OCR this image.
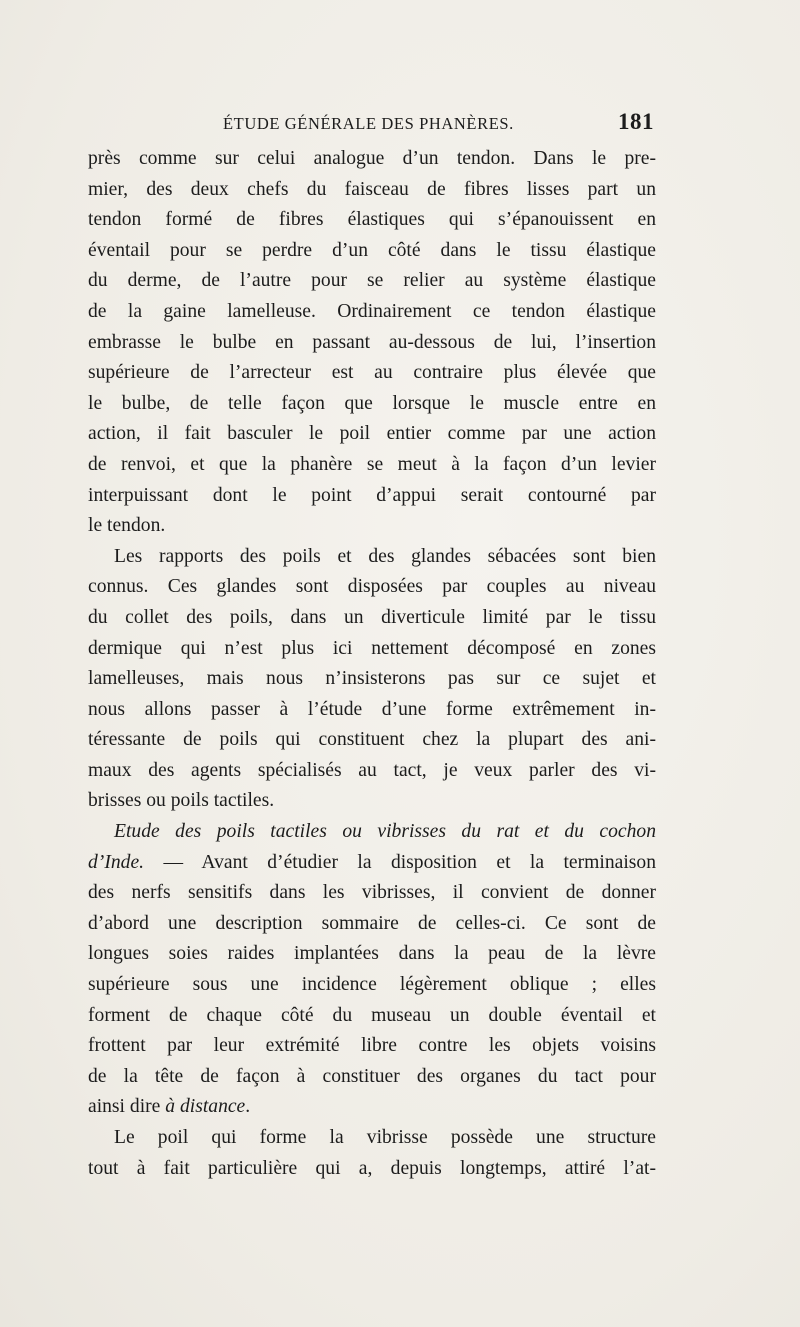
ÉTUDE GÉNÉRALE DES PHANÈRES.	181

près comme sur celui analogue d’un tendon. Dans le pre-
mier, des deux chefs du faisceau de fibres lisses part un
tendon formé de fibres élastiques qui s’épanouissent en
éventail pour se perdre d’un côté dans le tissu élastique
du derme, de l’autre pour se relier au système élastique
de la gaine lamelleuse. Ordinairement ce tendon élastique
embrasse le bulbe en passant au-dessous de lui, l’insertion
supérieure de l’arrecteur est au contraire plus élevée que
le bulbe, de telle façon que lorsque le muscle entre en
action, il fait basculer le poil entier comme par une action
de renvoi, et que la phanère se meut à la façon d’un levier
interpuissant dont le point d’appui serait contourné par
le tendon.

Les rapports des poils et des glandes sébacées sont bien
connus. Ces glandes sont disposées par couples au niveau
du collet des poils, dans un diverticule limité par le tissu
dermique qui n’est plus ici nettement décomposé en zones
lamelleuses, mais nous n’insisterons pas sur ce sujet et
nous allons passer à l’étude d’une forme extrêmement in-
téressante de poils qui constituent chez la plupart des ani-
maux des agents spécialisés au tact, je veux parler des vi-
brisses ou poils tactiles.

Etude des poils tactiles ou vibrisses du rat et du cochon
d’Inde. — Avant d’étudier la disposition et la terminaison
des nerfs sensitifs dans les vibrisses, il convient de donner
d’abord une description sommaire de celles-ci. Ce sont de
longues soies raides implantées dans la peau de la lèvre
supérieure sous une incidence légèrement oblique ; elles
forment de chaque côté du museau un double éventail et
frottent par leur extrémité libre contre les objets voisins
de la tête de façon à constituer des organes du tact pour
ainsi dire à distance.

Le poil qui forme la vibrisse possède une structure
tout à fait particulière qui a, depuis longtemps, attiré l’at-
